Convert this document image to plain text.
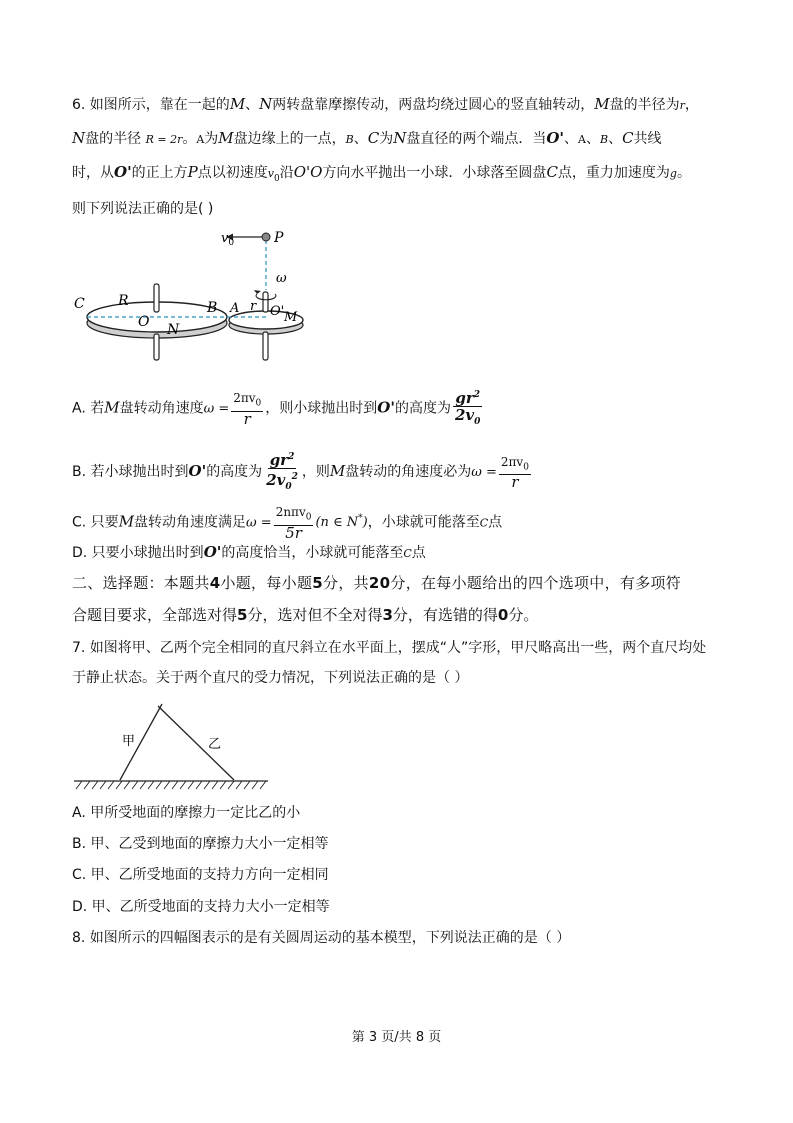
6. 如图所示，靠在一起的M、N两转盘靠摩擦传动，两盘均绕过圆心的竖直轴转动，M盘的半径为r，
N盘的半径 R = 2r。A为M盘边缘上的一点，B、C为N盘直径的两个端点．当O'、A、B、C共线
时，从O'的正上方P点以初速度$v_0$沿O'O方向水平抛出一小球．小球落至圆盘C点，重力加速度为g。
则下列说法正确的是( )
$v_0$	P
ω
C R	B A r
O N
O' M
A. 若M盘转动角速度$\omega = \frac{2\pi v_0}{r}$ ，则小球抛出时到O'的高度为 $\frac{gr^2}{2v_0}$
B. 若小球抛出时到O'的高度为 $\frac{gr^2}{2v_0^2}$ ，则M盘转动的角速度必为$\omega = \frac{2\pi v_0}{r}$
C. 只要M盘转动角速度满足$\omega = \frac{2n\pi v_0}{5r} (n$ ∈ N*)，小球就可能落至C点
D. 只要小球抛出时到O'的高度恰当，小球就可能落至C点
二、选择题：本题共4小题，每小题5分，共20分，在每小题给出的四个选项中，有多项符
合题目要求，全部选对得5分，选对但不全对得3分，有选错的得0分。
7. 如图将甲、乙两个完全相同的直尺斜立在水平面上，摆成“人”字形，甲尺略高出一些，两个直尺均处
于静止状态。关于两个直尺的受力情况，下列说法正确的是（ ）
甲	乙
A. 甲所受地面的摩擦力一定比乙的小
B. 甲、乙受到地面的摩擦力大小一定相等
C. 甲、乙所受地面的支持力方向一定相同
D. 甲、乙所受地面的支持力大小一定相等
8. 如图所示的四幅图表示的是有关圆周运动的基本模型，下列说法正确的是（ ）
第 3 页/共 8 页
